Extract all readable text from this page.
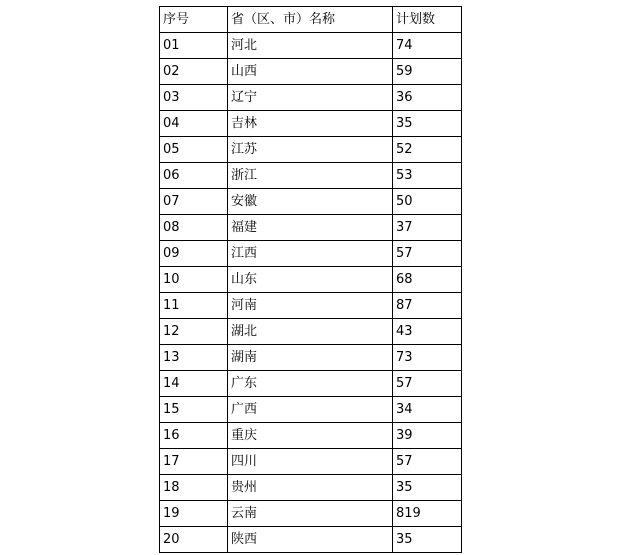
序号	省（区、市）名称	计划数
01	河北	74
02	山西	59
03	辽宁	36
04	吉林	35
05	江苏	52
06	浙江	53
07	安徽	50
08	福建	37
09	江西	57
10	山东	68
11	河南	87
12	湖北	43
13	湖南	73
14	广东	57
15	广西	34
16	重庆	39
17	四川	57
18	贵州	35
19	云南	819
20	陕西	35
